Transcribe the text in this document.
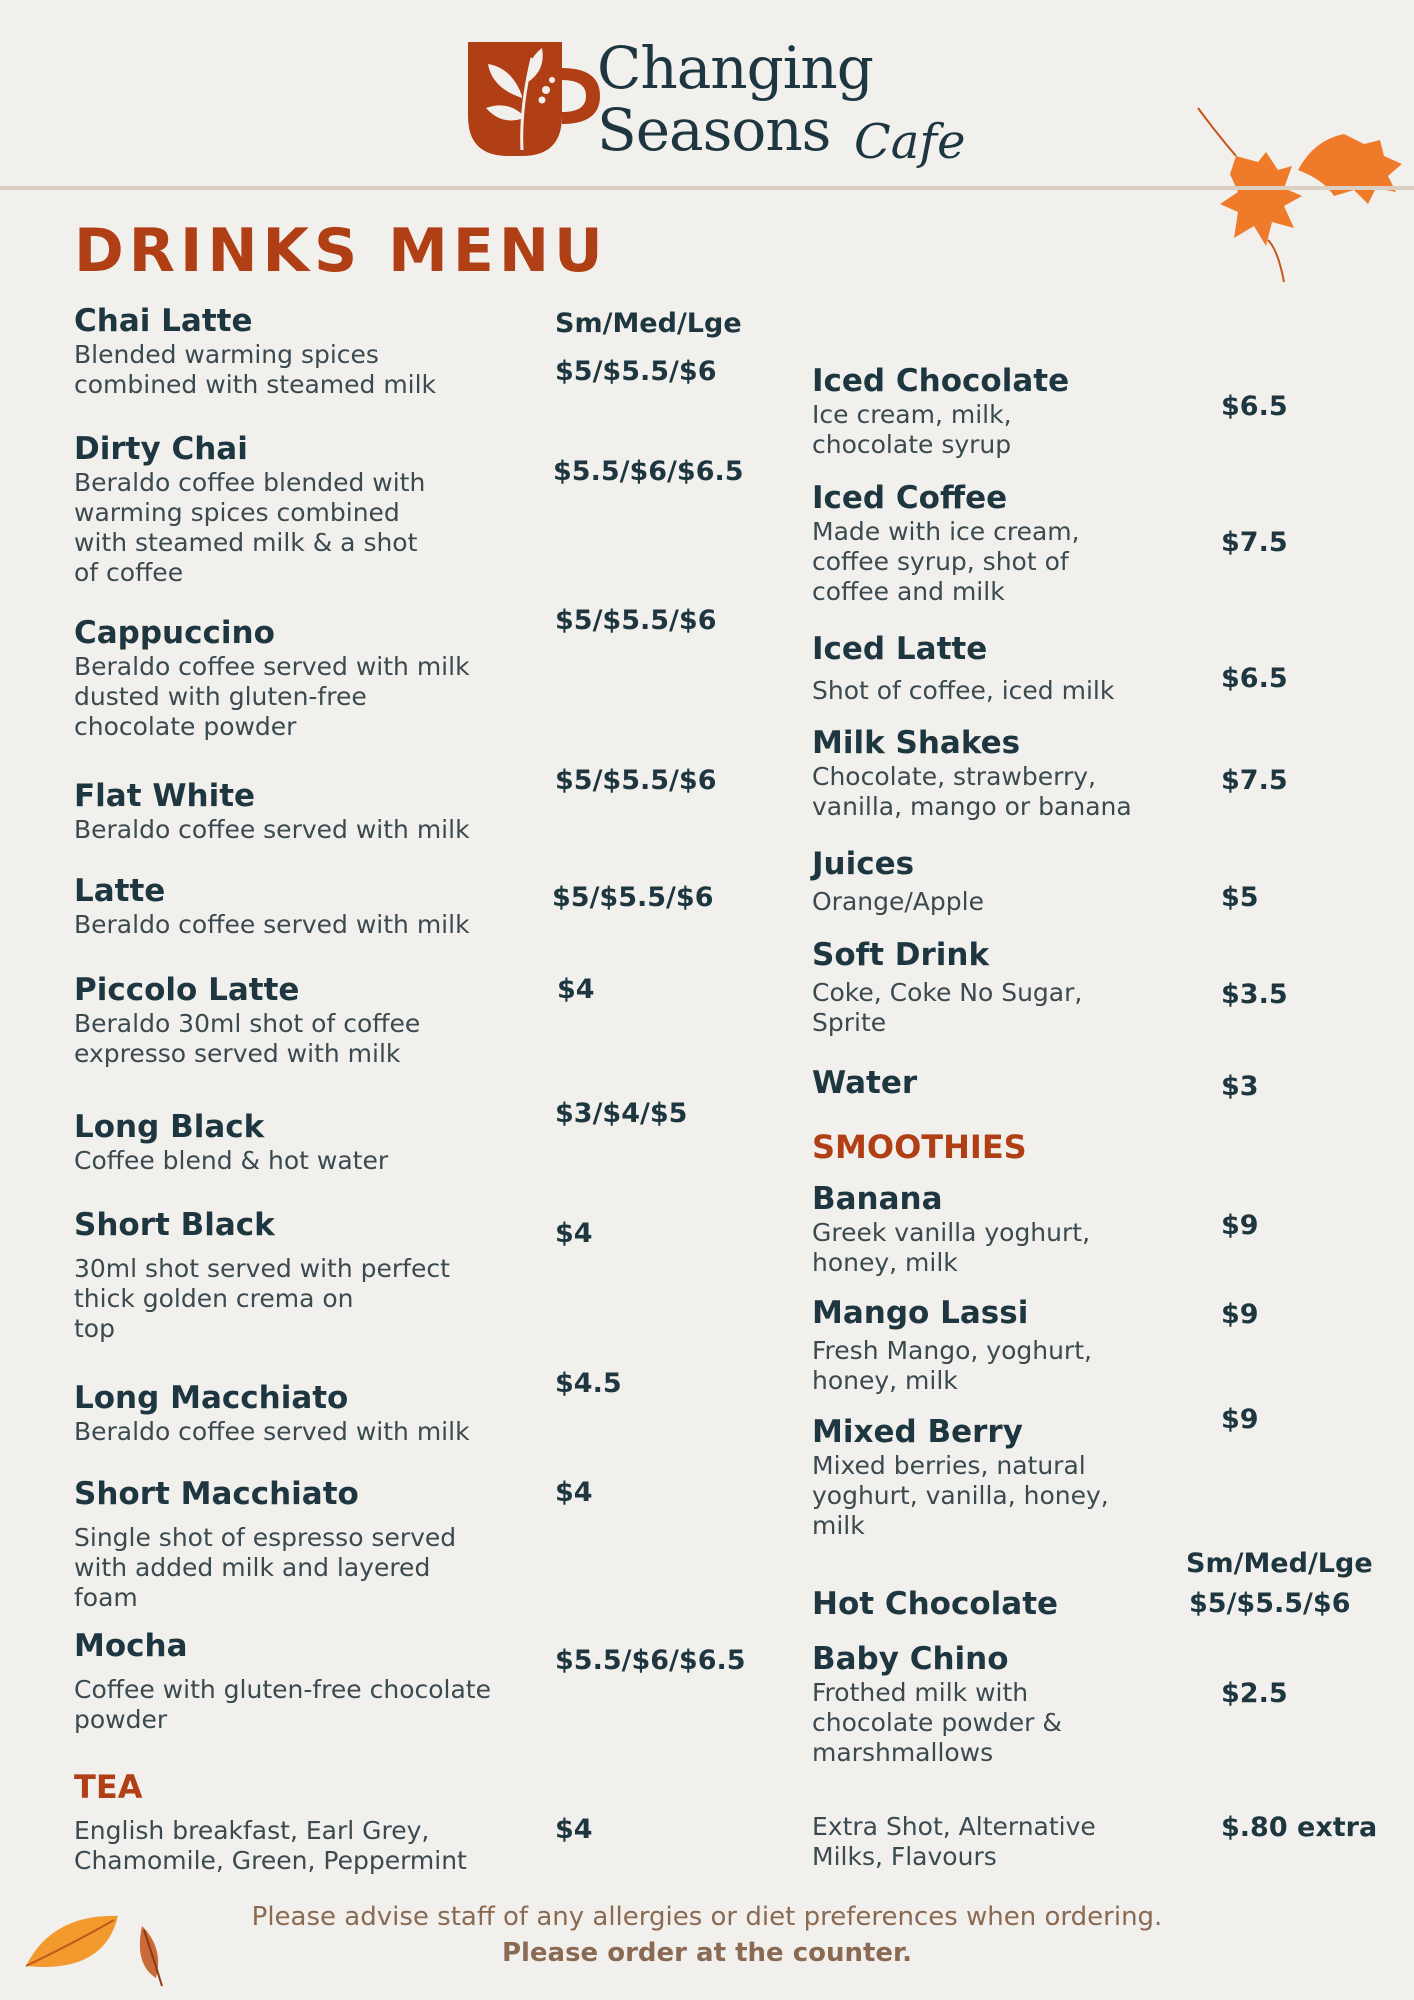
Changing
Seasons Cafe
DRINKS MENU
Sm/Med/Lge
Chai Latte
Blended warming spices
combined with steamed milk	$5/$5.5/$6
Dirty Chai
Beraldo coffee blended with
warming spices combined
with steamed milk & a shot
of coffee
$5.5/$6/$6.5
Cappuccino
Beraldo coffee served with milk
dusted with gluten-free
chocolate powder
$5/$5.5/$6
Flat White
Beraldo coffee served with milk
$5/$5.5/$6
Latte
Beraldo coffee served with milk
$5/$5.5/$6
Piccolo Latte
Beraldo 30ml shot of coffee
expresso served with milk
$4
Long Black
Coffee blend & hot water
$3/$4/$5
Short Black
30ml shot served with perfect
thick golden crema on
top
$4
Long Macchiato
Beraldo coffee served with milk
$4.5
Short Macchiato
Single shot of espresso served
with added milk and layered
foam
$4
Mocha
Coffee with gluten-free chocolate
powder
$5.5/$6/$6.5
TEA
English breakfast, Earl Grey,
Chamomile, Green, Peppermint
$4
Iced Chocolate
Ice cream, milk,
chocolate syrup
$6.5
Iced Coffee
Made with ice cream,
coffee syrup, shot of
coffee and milk
$7.5
Iced Latte
Shot of coffee, iced milk	$6.5
Milk Shakes
Chocolate, strawberry,
vanilla, mango or banana
$7.5
Juices
Orange/Apple	$5
Soft Drink
Coke, Coke No Sugar,
Sprite
$3.5
Water	$3
SMOOTHIES
Banana
Greek vanilla yoghurt,
honey, milk
$9
Mango Lassi
Fresh Mango, yoghurt,
honey, milk
$9
Mixed Berry
Mixed berries, natural
yoghurt, vanilla, honey,
milk
$9
Sm/Med/Lge
Hot Chocolate	$5/$5.5/$6
Baby Chino
Frothed milk with
chocolate powder &
marshmallows
$2.5
Extra Shot, Alternative
Milks, Flavours
$.80 extra
Please advise staff of any allergies or diet preferences when ordering.
Please order at the counter.
